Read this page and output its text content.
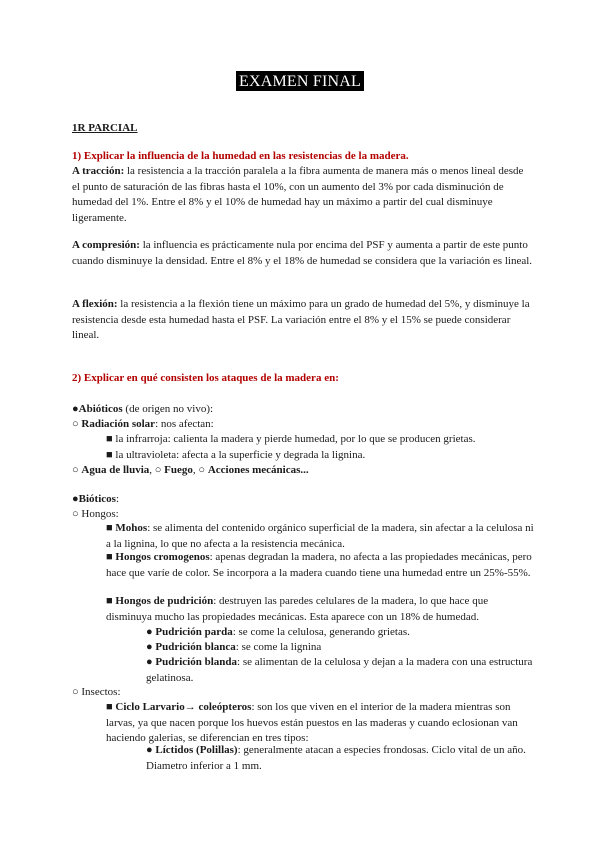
EXAMEN FINAL
1R PARCIAL
1) Explicar la influencia de la humedad en las resistencias de la madera.
A tracción: la resistencia a la tracción paralela a la fibra aumenta de manera más o menos lineal desde el punto de saturación de las fibras hasta el 10%, con un aumento del 3% por cada disminución de humedad del 1%. Entre el 8% y el 10% de humedad hay un máximo a partir del cual disminuye ligeramente.
A compresión: la influencia es prácticamente nula por encima del PSF y aumenta a partir de este punto cuando disminuye la densidad. Entre el 8% y el 18% de humedad se considera que la variación es lineal.
A flexión: la resistencia a la flexión tiene un máximo para un grado de humedad del 5%, y disminuye la resistencia desde esta humedad hasta el PSF. La variación entre el 8% y el 15% se puede considerar lineal.
2) Explicar en qué consisten los ataques de la madera en:
●Abióticos (de origen no vivo):
○ Radiación solar: nos afectan:
■ la infrarroja: calienta la madera y pierde humedad, por lo que se producen grietas.
■ la ultravioleta: afecta a la superficie y degrada la lignina.
○ Agua de lluvia, ○ Fuego, ○ Acciones mecánicas...
●Bióticos:
○ Hongos:
■ Mohos: se alimenta del contenido orgánico superficial de la madera, sin afectar a la celulosa ni a la lignina, lo que no afecta a la resistencia mecánica.
■ Hongos cromogenos: apenas degradan la madera, no afecta a las propiedades mecánicas, pero hace que varíe de color. Se incorpora a la madera cuando tiene una humedad entre un 25%-55%.
■ Hongos de pudrición: destruyen las paredes celulares de la madera, lo que hace que disminuya mucho las propiedades mecánicas. Esta aparece con un 18% de humedad.
● Pudrición parda: se come la celulosa, generando grietas.
● Pudrición blanca: se come la lignina
● Pudrición blanda: se alimentan de la celulosa y dejan a la madera con una estructura gelatinosa.
○ Insectos:
■ Ciclo Larvario→ coleópteros: son los que viven en el interior de la madera mientras son larvas, ya que nacen porque los huevos están puestos en las maderas y cuando eclosionan van haciendo galerias, se diferencian en tres tipos:
● Líctidos (Polillas): generalmente atacan a especies frondosas. Ciclo vital de un año. Diametro inferior a 1 mm.
